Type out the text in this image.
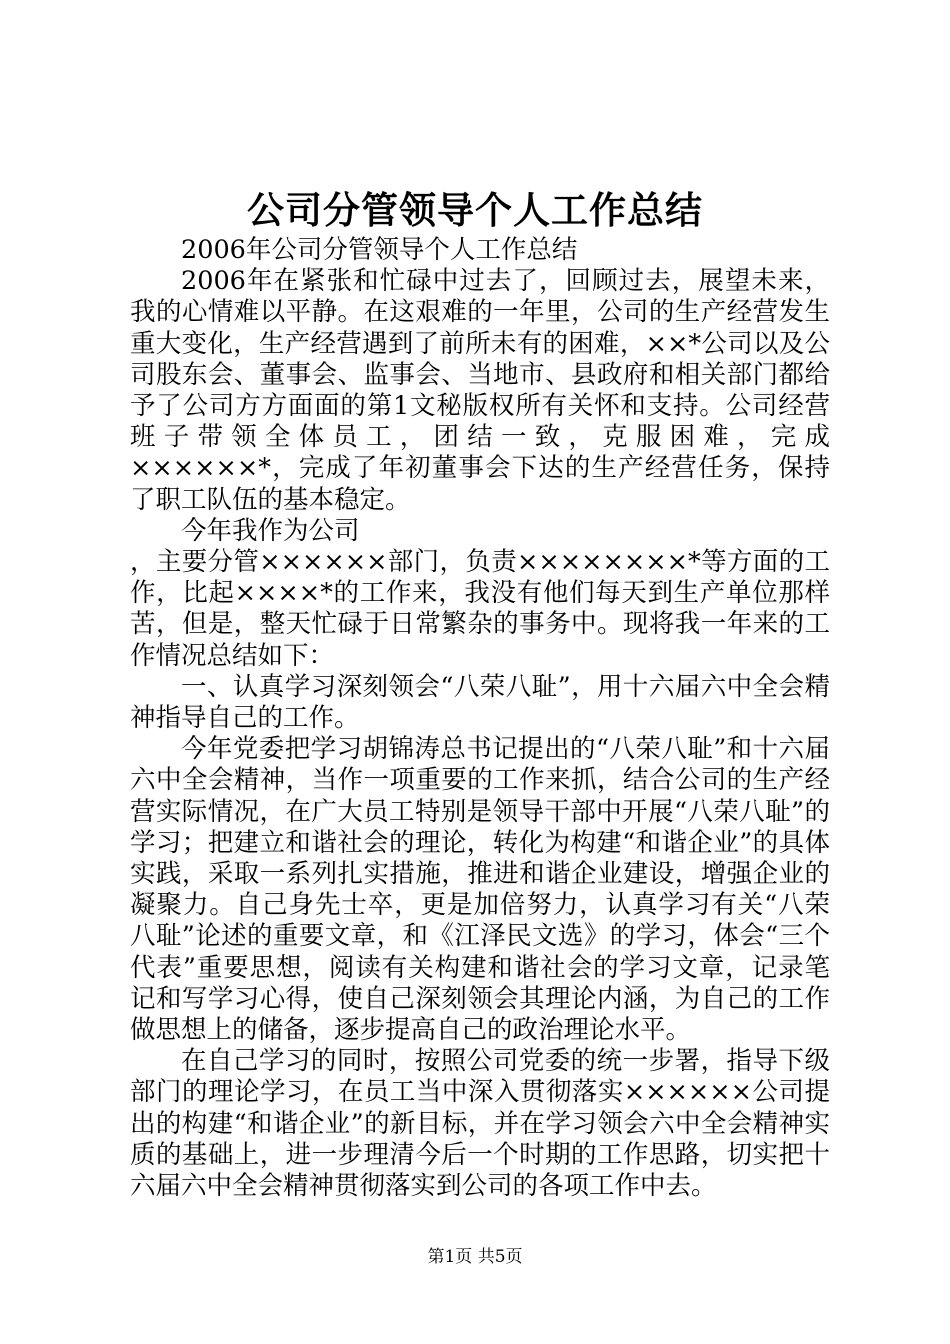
公司分管领导个人工作总结

2006年公司分管领导个人工作总结

2006年在紧张和忙碌中过去了，回顾过去，展望未来，我的心情难以平静。在这艰难的一年里，公司的生产经营发生重大变化，生产经营遇到了前所未有的困难，××*公司以及公司股东会、董事会、监事会、当地市、县政府和相关部门都给予了公司方方面面的第1文秘版权所有关怀和支持。公司经营班子带领全体员工，团结一致，克服困难，完成××××××*，完成了年初董事会下达的生产经营任务，保持了职工队伍的基本稳定。

今年我作为公司

，主要分管××××××部门，负责××××××××*等方面的工作，比起××××*的工作来，我没有他们每天到生产单位那样苦，但是，整天忙碌于日常繁杂的事务中。现将我一年来的工作情况总结如下：

一、认真学习深刻领会“八荣八耻”，用十六届六中全会精神指导自己的工作。

今年党委把学习胡锦涛总书记提出的“八荣八耻”和十六届六中全会精神，当作一项重要的工作来抓，结合公司的生产经营实际情况，在广大员工特别是领导干部中开展“八荣八耻”的学习；把建立和谐社会的理论，转化为构建“和谐企业”的具体实践，采取一系列扎实措施，推进和谐企业建设，增强企业的凝聚力。自己身先士卒，更是加倍努力，认真学习有关“八荣八耻”论述的重要文章，和《江泽民文选》的学习，体会“三个代表”重要思想，阅读有关构建和谐社会的学习文章，记录笔记和写学习心得，使自己深刻领会其理论内涵，为自己的工作做思想上的储备，逐步提高自己的政治理论水平。

在自己学习的同时，按照公司党委的统一步署，指导下级部门的理论学习，在员工当中深入贯彻落实××××××公司提出的构建“和谐企业”的新目标，并在学习领会六中全会精神实质的基础上，进一步理清今后一个时期的工作思路，切实把十六届六中全会精神贯彻落实到公司的各项工作中去。

第1页 共5页
